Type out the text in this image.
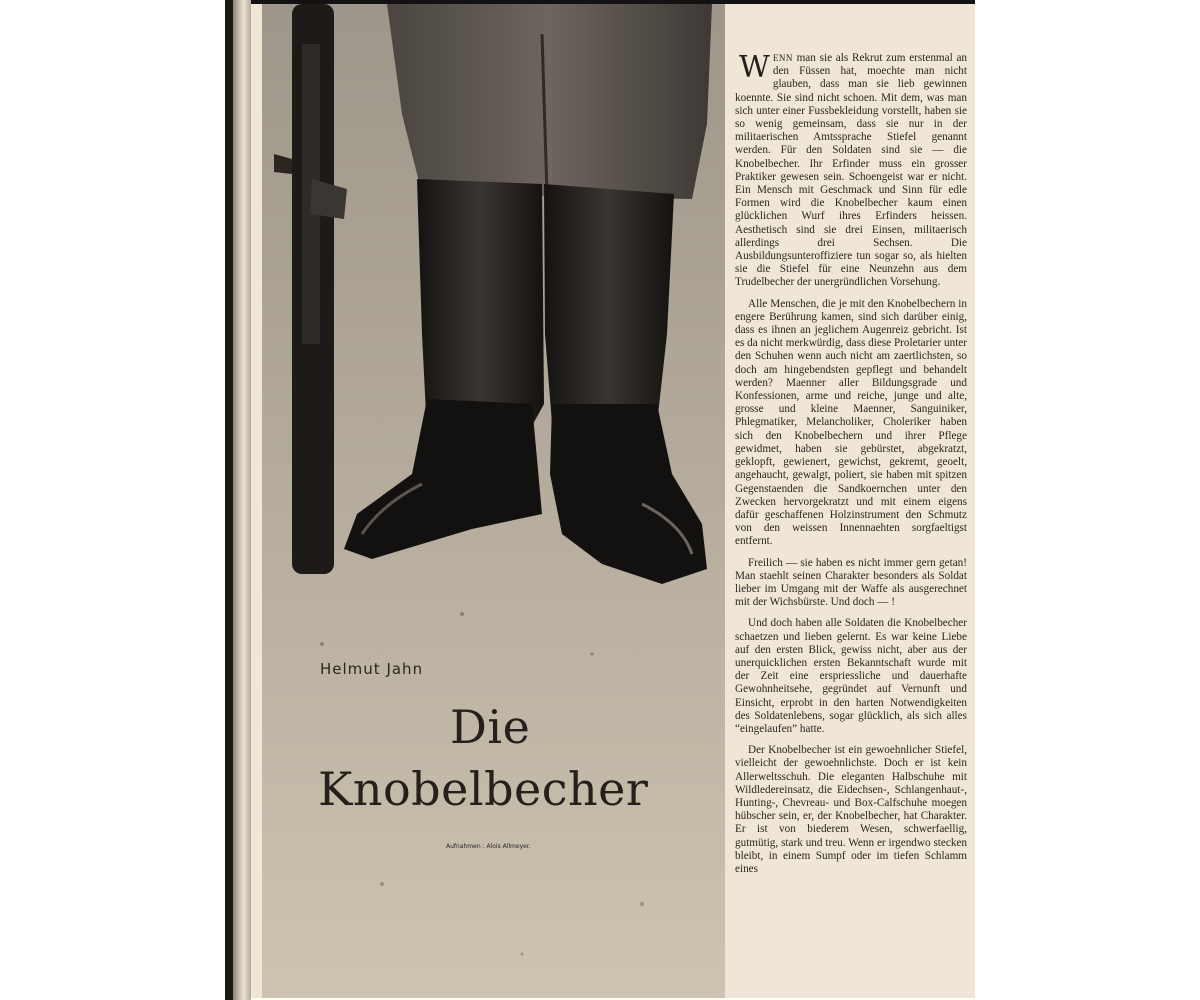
Helmut Jahn
Die
Knobelbecher
Aufnahmen : Alois Allmeyer.

WENN man sie als Rekrut zum erstenmal an den Füssen hat, moechte man nicht glauben, dass man sie lieb gewinnen koennte. Sie sind nicht schoen. Mit dem, was man sich unter einer Fussbekleidung vorstellt, haben sie so wenig gemeinsam, dass sie nur in der militaerischen Amtssprache Stiefel genannt werden. Für den Soldaten sind sie — die Knobelbecher. Ihr Erfinder muss ein grosser Praktiker gewesen sein. Schoengeist war er nicht. Ein Mensch mit Geschmack und Sinn für edle Formen wird die Knobelbecher kaum einen glücklichen Wurf ihres Erfinders heissen. Aesthetisch sind sie drei Einsen, militaerisch allerdings drei Sechsen. Die Ausbildungsunteroffiziere tun sogar so, als hielten sie die Stiefel für eine Neunzehn aus dem Trudelbecher der unergründlichen Vorsehung.

Alle Menschen, die je mit den Knobelbechern in engere Berührung kamen, sind sich darüber einig, dass es ihnen an jeglichem Augenreiz gebricht. Ist es da nicht merkwürdig, dass diese Proletarier unter den Schuhen wenn auch nicht am zaertlichsten, so doch am hingebendsten gepflegt und behandelt werden? Maenner aller Bildungsgrade und Konfessionen, arme und reiche, junge und alte, grosse und kleine Maenner, Sanguiniker, Phlegmatiker, Melancholiker, Choleriker haben sich den Knobelbechern und ihrer Pflege gewidmet, haben sie gebürstet, abgekratzt, geklopft, gewienert, gewichst, gekremt, geoelt, angehaucht, gewalgt, poliert, sie haben mit spitzen Gegenstaenden die Sandkoernchen unter den Zwecken hervorgekratzt und mit einem eigens dafür geschaffenen Holzinstrument den Schmutz von den weissen Innennaehten sorgfaeltigst entfernt.

Freilich — sie haben es nicht immer gern getan! Man staehlt seinen Charakter besonders als Soldat lieber im Umgang mit der Waffe als ausgerechnet mit der Wichsbürste. Und doch — !

Und doch haben alle Soldaten die Knobelbecher schaetzen und lieben gelernt. Es war keine Liebe auf den ersten Blick, gewiss nicht, aber aus der unerquicklichen ersten Bekanntschaft wurde mit der Zeit eine erspriessliche und dauerhafte Gewohnheitsehe, gegründet auf Vernunft und Einsicht, erprobt in den harten Notwendigkeiten des Soldatenlebens, sogar glücklich, als sich alles “eingelaufen” hatte.

Der Knobelbecher ist ein gewoehnlicher Stiefel, vielleicht der gewoehnlichste. Doch er ist kein Allerweltsschuh. Die eleganten Halbschuhe mit Wildledereinsatz, die Eidechsen-, Schlangenhaut-, Hunting-, Chevreau- und Box-Calfschuhe moegen hübscher sein, er, der Knobelbecher, hat Charakter. Er ist von biederem Wesen, schwerfaellig, gutmütig, stark und treu. Wenn er irgendwo stecken bleibt, in einem Sumpf oder im tiefen Schlamm eines
